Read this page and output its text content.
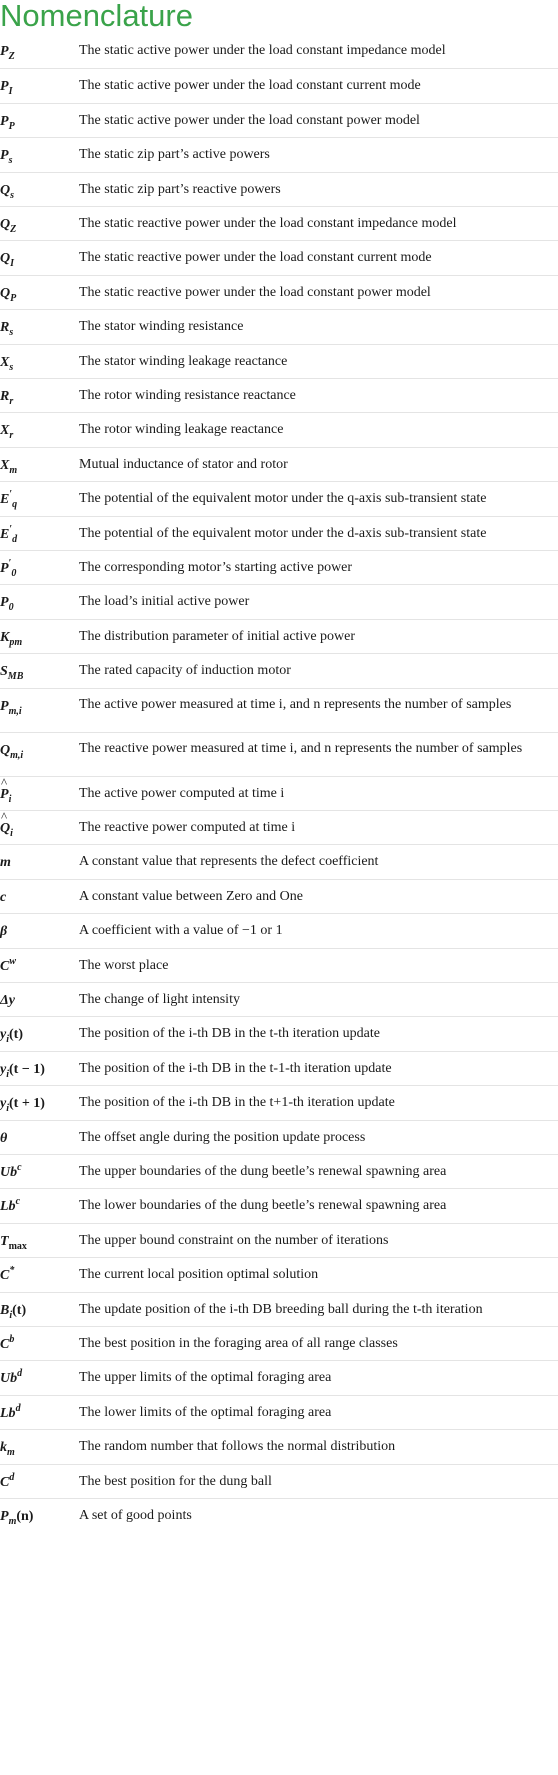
Nomenclature
$P_Z$	The static active power under the load constant impedance model
$P_I$	The static active power under the load constant current mode
$P_P$	The static active power under the load constant power model
$P_s$	The static zip part’s active powers
$Q_s$	The static zip part’s reactive powers
$Q_Z$	The static reactive power under the load constant impedance model
$Q_I$	The static reactive power under the load constant current mode
$Q_P$	The static reactive power under the load constant power model
$R_s$	The stator winding resistance
$X_s$	The stator winding leakage reactance
$R_r$	The rotor winding resistance reactance
$X_r$	The rotor winding leakage reactance
$X_m$	Mutual inductance of stator and rotor
$E'_q$	The potential of the equivalent motor under the q-axis sub-transient state
$E'_d$	The potential of the equivalent motor under the d-axis sub-transient state
$P'_0$	The corresponding motor’s starting active power
$P_0$	The load’s initial active power
$K_{pm}$	The distribution parameter of initial active power
$S_{MB}$	The rated capacity of induction motor
$P_{m,i}$	The active power measured at time i, and n represents the number of samples
$Q_{m,i}$	The reactive power measured at time i, and n represents the number of samples
^ $P_i$	The active power computed at time i
^ $Q_i$	The reactive power computed at time i
m	A constant value that represents the defect coefficient
c	A constant value between Zero and One
β	A coefficient with a value of −1 or 1
$C^w$	The worst place
Δy	The change of light intensity
$y_i(t)$	The position of the i-th DB in the t-th iteration update
$y_i(t - 1)$	The position of the i-th DB in the t-1-th iteration update
$y_i(t + 1)$	The position of the i-th DB in the t+1-th iteration update
θ	The offset angle during the position update process
Ub$^c$	The upper boundaries of the dung beetle’s renewal spawning area
Lb$^c$	The lower boundaries of the dung beetle’s renewal spawning area
$T_{max}$	The upper bound constraint on the number of iterations
C*	The current local position optimal solution
$B_i(t)$	The update position of the i-th DB breeding ball during the t-th iteration
$C^b$	The best position in the foraging area of all range classes
Ub$^d$	The upper limits of the optimal foraging area
Lb$^d$	The lower limits of the optimal foraging area
$k_m$	The random number that follows the normal distribution
$C^d$	The best position for the dung ball
$P_m(n)$	A set of good points
